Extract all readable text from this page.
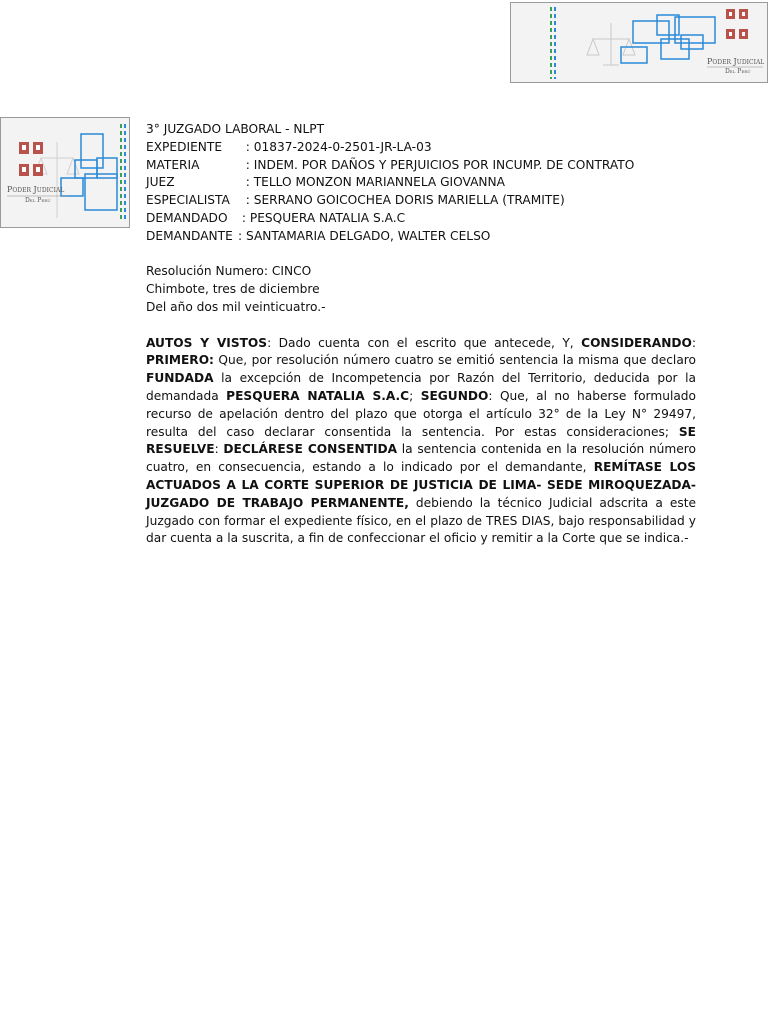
Poder Judicial
Del Perú
Poder Judicial
Del Perú
3° JUZGADO LABORAL - NLPT
EXPEDIENTE  : 01837-2024-0-2501-JR-LA-03
MATERIA	: INDEM. POR DAÑOS Y PERJUICIOS POR INCUMP. DE CONTRATO
JUEZ	: TELLO MONZON MARIANNELA GIOVANNA
ESPECIALISTA  : SERRANO GOICOCHEA DORIS MARIELLA (TRAMITE)
DEMANDADO : PESQUERA NATALIA S.A.C
DEMANDANTE : SANTAMARIA DELGADO, WALTER CELSO
Resolución Numero: CINCO
Chimbote, tres de diciembre
Del año dos mil veinticuatro.-
AUTOS Y VISTOS: Dado cuenta con el escrito que antecede, Y, CONSIDERANDO: PRIMERO: Que, por resolución número cuatro se emitió sentencia la misma que declaro FUNDADA la excepción de Incompetencia por Razón del Territorio, deducida por la demandada PESQUERA NATALIA S.A.C; SEGUNDO: Que, al no haberse formulado recurso de apelación dentro del plazo que otorga el artículo 32° de la Ley N° 29497, resulta del caso declarar consentida la sentencia. Por estas consideraciones; SE RESUELVE: DECLÁRESE CONSENTIDA la sentencia contenida en la resolución número cuatro, en consecuencia, estando a lo indicado por el demandante, REMÍTASE LOS ACTUADOS A LA CORTE SUPERIOR DE JUSTICIA DE LIMA- SEDE MIROQUEZADA- JUZGADO DE TRABAJO PERMANENTE, debiendo la técnico Judicial adscrita a este Juzgado con formar el expediente físico, en el plazo de TRES DIAS, bajo responsabilidad y dar cuenta a la suscrita, a fin de confeccionar el oficio y remitir a la Corte que se indica.-
